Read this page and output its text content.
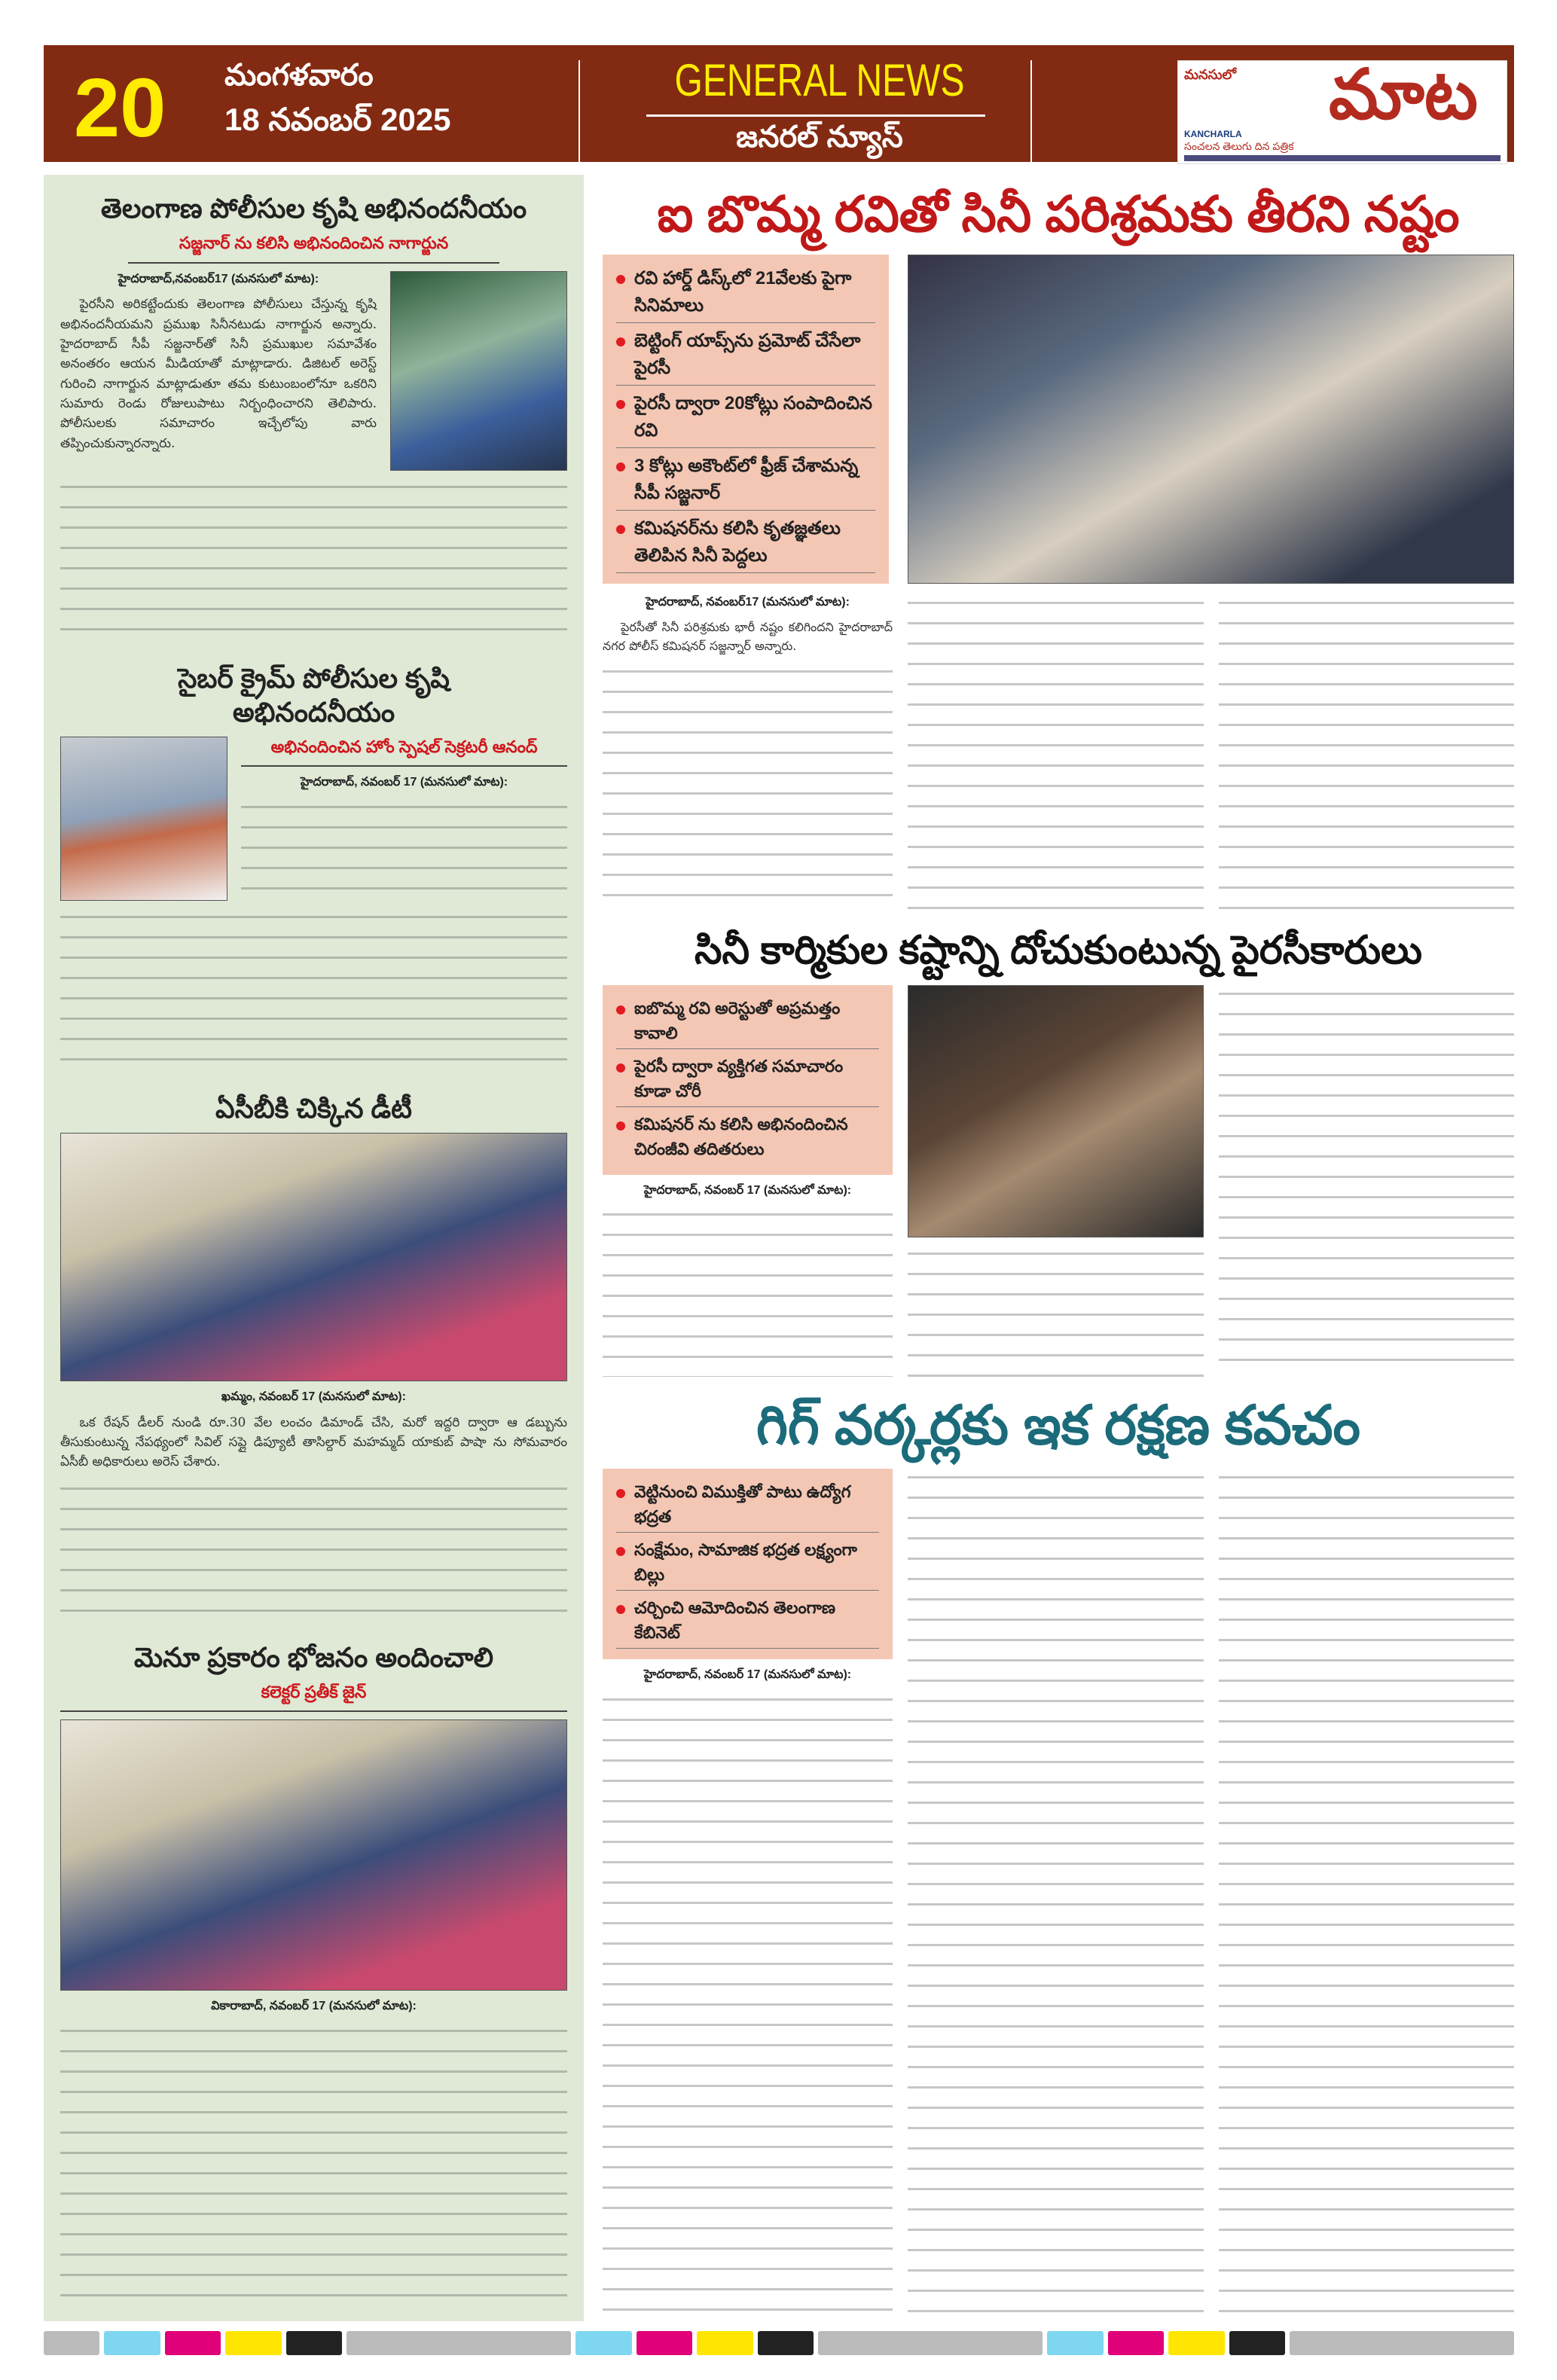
20 మంగళవారం
18 నవంబర్ 2025
GENERAL NEWS
జనరల్ న్యూస్
మనసులో మాట
KANCHARLA
సంచలన తెలుగు దిన పత్రిక
తెలంగాణ పోలీసుల కృషి అభినందనీయం
సజ్జనార్ ను కలిసి అభినందించిన నాగార్జున
హైదరాబాద్,నవంబర్17 (మనసులో మాట):
పైరసీని అరికట్టేందుకు తెలంగాణ పోలీసులు చేస్తున్న కృషి అభినందనీయమని ప్రముఖ సినీనటుడు నాగార్జున అన్నారు. హైదరాబాద్ సీపీ సజ్జనార్‌తో సినీ ప్రముఖుల సమావేశం అనంతరం ఆయన మీడియాతో మాట్లాడారు. డిజిటల్ అరెస్ట్ గురించి నాగార్జున మాట్లాడుతూ తమ కుటుంబంలోనూ ఒకరిని సుమారు రెండు రోజులుపాటు నిర్బంధించారని తెలిపారు. పోలీసులకు సమాచారం ఇచ్చేలోపు వారు తప్పించుకున్నారన్నారు.
సైబర్ క్రైమ్ పోలీసుల కృషి అభినందనీయం
అభినందించిన హోం స్పెషల్ సెక్రటరీ ఆనంద్
హైదరాబాద్, నవంబర్ 17 (మనసులో మాట):
ఏసీబీకి చిక్కిన డీటీ
ఖమ్మం, నవంబర్ 17 (మనసులో మాట):
ఒక రేషన్ డీలర్ నుండి రూ.30 వేల లంచం డిమాండ్ చేసి, మరో ఇద్దరి ద్వారా ఆ డబ్బును తీసుకుంటున్న నేపథ్యంలో సివిల్ సప్లై డిప్యూటీ తాసిల్దార్ మహమ్మద్ యాకుబ్ పాషా ను సోమవారం ఏసీబీ అధికారులు అరెస్ చేశారు.
మెనూ ప్రకారం భోజనం అందించాలి
కలెక్టర్ ప్రతీక్ జైన్
వికారాబాద్, నవంబర్ 17 (మనసులో మాట):
ఐ బొమ్మ రవితో సినీ పరిశ్రమకు తీరని నష్టం
రవి హార్డ్ డిస్క్‌లో 21వేలకు పైగా సినిమాలు
బెట్టింగ్ యాప్స్‌ను ప్రమోట్ చేసేలా పైరసీ
పైరసీ ద్వారా 20కోట్లు సంపాదించిన రవి
3 కోట్లు అకౌంట్‌లో ఫ్రీజ్ చేశామన్న సీపీ సజ్జనార్
కమిషనర్‌ను కలిసి కృతజ్ఞతలు తెలిపిన సినీ పెద్దలు
హైదరాబాద్, నవంబర్17 (మనసులో మాట):
పైరసీతో సినీ పరిశ్రమకు భారీ నష్టం కలిగిందని హైదరాబాద్ నగర పోలీస్ కమిషనర్ సజ్జన్నార్ అన్నారు.
సినీ కార్మికుల కష్టాన్ని దోచుకుంటున్న పైరసీకారులు
ఐబొమ్మ రవి అరెస్టుతో అప్రమత్తం కావాలి
పైరసీ ద్వారా వ్యక్తిగత సమాచారం కూడా చోరీ
కమిషనర్ ను కలిసి అభినందించిన చిరంజీవి తదితరులు
హైదరాబాద్, నవంబర్ 17 (మనసులో మాట):
గిగ్ వర్కర్లకు ఇక రక్షణ కవచం
వెట్టినుంచి విముక్తితో పాటు ఉద్యోగ భద్రత
సంక్షేమం, సామాజిక భద్రత లక్ష్యంగా బిల్లు
చర్చించి ఆమోదించిన తెలంగాణ కేబినెట్
హైదరాబాద్, నవంబర్ 17 (మనసులో మాట):
